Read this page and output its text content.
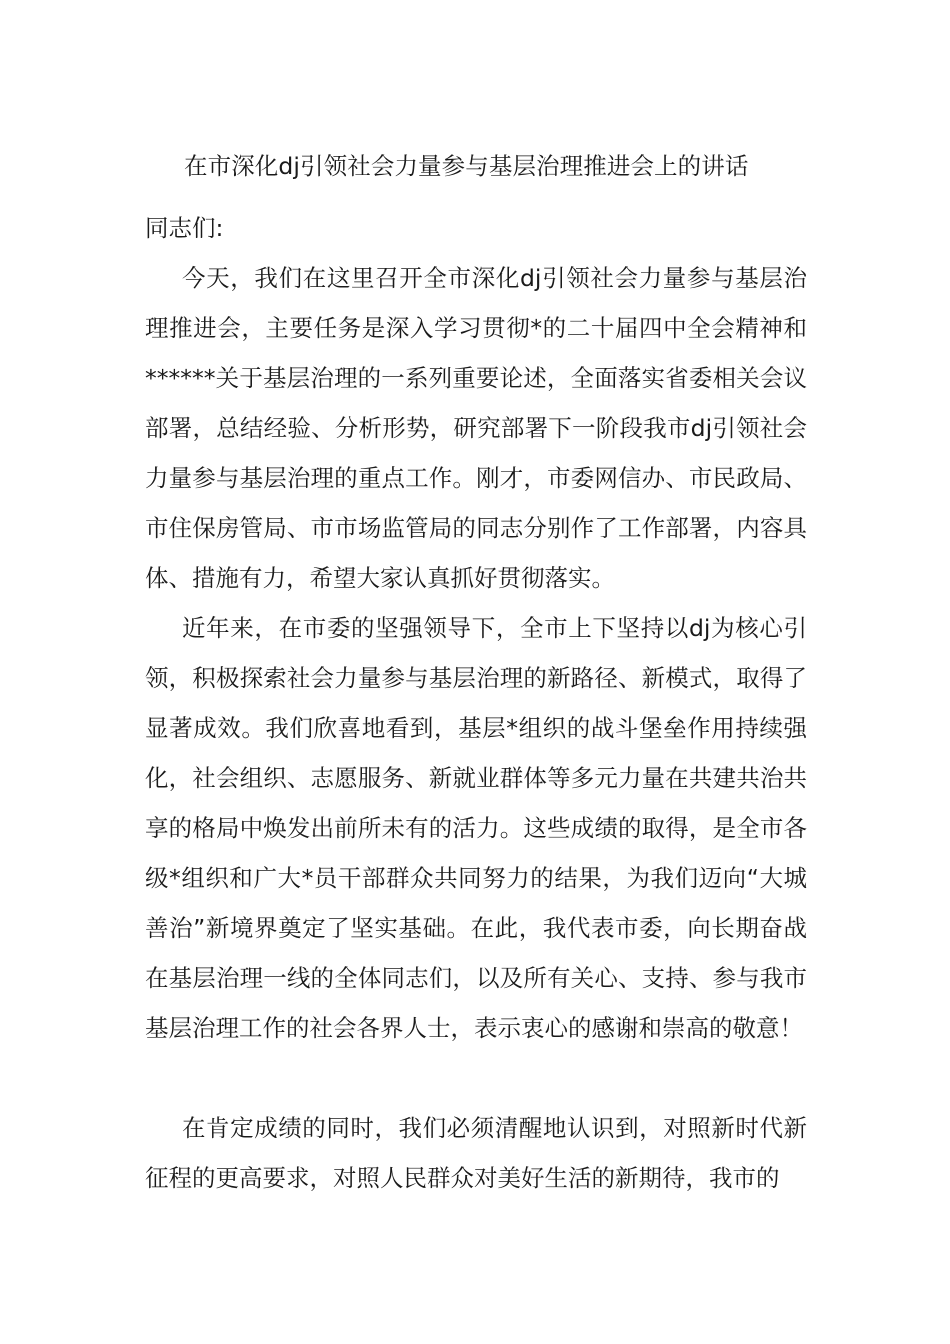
在市深化dj引领社会力量参与基层治理推进会上的讲话
同志们:

今天，我们在这里召开全市深化dj引领社会力量参与基层治理推进会，主要任务是深入学习贯彻*的二十届四中全会精神和******关于基层治理的一系列重要论述，全面落实省委相关会议部署，总结经验、分析形势，研究部署下一阶段我市dj引领社会力量参与基层治理的重点工作。刚才，市委网信办、市民政局、市住保房管局、市市场监管局的同志分别作了工作部署，内容具体、措施有力，希望大家认真抓好贯彻落实。

近年来，在市委的坚强领导下，全市上下坚持以dj为核心引领，积极探索社会力量参与基层治理的新路径、新模式，取得了显著成效。我们欣喜地看到，基层*组织的战斗堡垒作用持续强化，社会组织、志愿服务、新就业群体等多元力量在共建共治共享的格局中焕发出前所未有的活力。这些成绩的取得，是全市各级*组织和广大*员干部群众共同努力的结果，为我们迈向“大城善治”新境界奠定了坚实基础。在此，我代表市委，向长期奋战在基层治理一线的全体同志们，以及所有关心、支持、参与我市基层治理工作的社会各界人士，表示衷心的感谢和崇高的敬意！

在肯定成绩的同时，我们必须清醒地认识到，对照新时代新征程的更高要求，对照人民群众对美好生活的新期待，我市的
